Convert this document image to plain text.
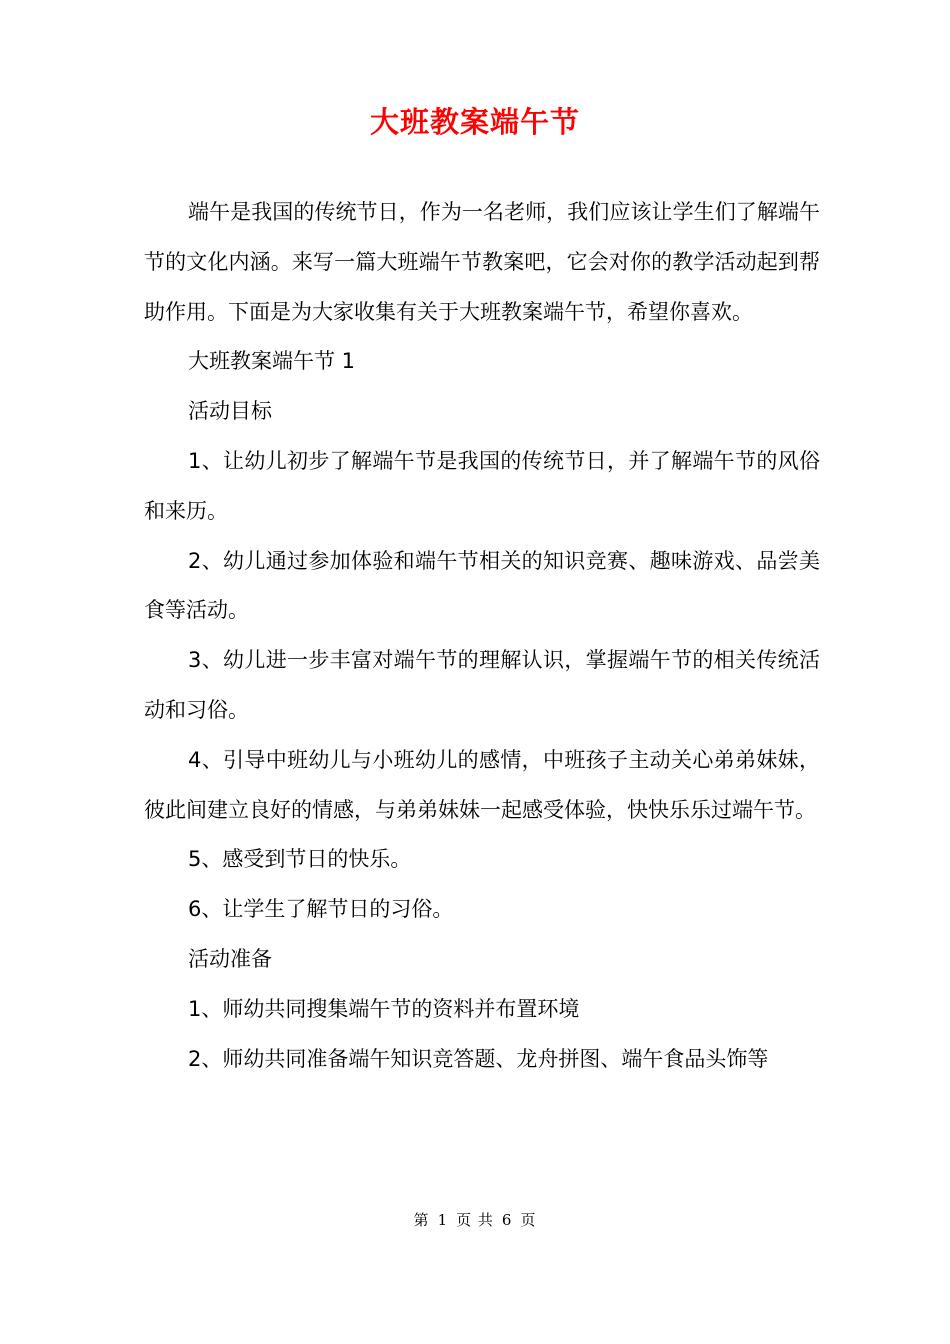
大班教案端午节

端午是我国的传统节日，作为一名老师，我们应该让学生们了解端午节的文化内涵。来写一篇大班端午节教案吧，它会对你的教学活动起到帮助作用。下面是为大家收集有关于大班教案端午节，希望你喜欢。

大班教案端午节 1

活动目标

1、让幼儿初步了解端午节是我国的传统节日，并了解端午节的风俗和来历。

2、幼儿通过参加体验和端午节相关的知识竞赛、趣味游戏、品尝美食等活动。

3、幼儿进一步丰富对端午节的理解认识，掌握端午节的相关传统活动和习俗。

4、引导中班幼儿与小班幼儿的感情，中班孩子主动关心弟弟妹妹，彼此间建立良好的情感，与弟弟妹妹一起感受体验，快快乐乐过端午节。

5、感受到节日的快乐。

6、让学生了解节日的习俗。

活动准备

1、师幼共同搜集端午节的资料并布置环境

2、师幼共同准备端午知识竞答题、龙舟拼图、端午食品头饰等

第 1 页 共 6 页
